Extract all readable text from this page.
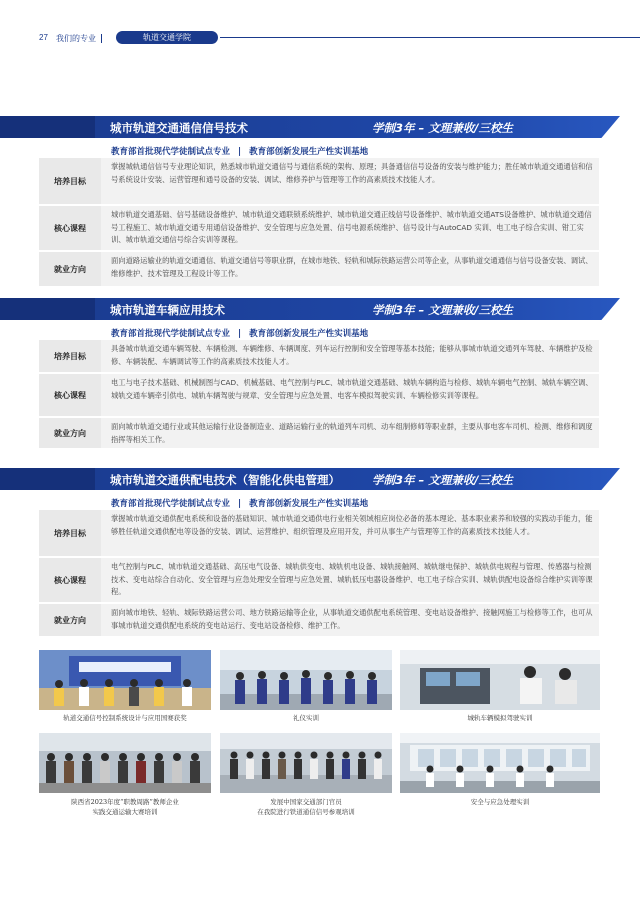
27 我们的专业	轨道交通学院
城市轨道交通通信信号技术	学制3年 – 文理兼收/三校生
教育部首批现代学徒制试点专业 | 教育部创新发展生产性实训基地
培养目标
掌握城轨通信信号专业理论知识，熟悉城市轨道交通信号与通信系统的架构、原理；具备通信信号设备的安装与维护能力；胜任城市轨道交通通信和信号系统设计安装、运营管理和通号设备的安装、调试、维修养护与管理等工作的高素质技术技能人才。
核心课程
城市轨道交通基础、信号基础设备维护、城市轨道交通联锁系统维护、城市轨道交通正线信号设备维护、城市轨道交通ATS设备维护、城市轨道交通信号工程施工、城市轨道交通专用通信设备维护、安全管理与应急处置、信号电源系统维护、信号设计与AutoCAD 实训、电工电子综合实训、钳工实训、城市轨道交通信号综合实训等课程。
就业方向
面向道路运输业的轨道交通通信、轨道交通信号等职业群，在城市地铁、轻轨和城际铁路运营公司等企业，从事轨道交通通信与信号设备安装、调试、维修维护、技术管理及工程设计等工作。
城市轨道车辆应用技术	学制3年 – 文理兼收/三校生
教育部首批现代学徒制试点专业 | 教育部创新发展生产性实训基地
培养目标
具备城市轨道交通车辆驾驶、车辆检测、车辆维修、车辆调度、列车运行控制和安全管理等基本技能；能够从事城市轨道交通列车驾驶、车辆维护及检修、车辆装配、车辆调试等工作的高素质技术技能人才。
核心课程
电工与电子技术基础、机械制图与CAD、机械基础、电气控制与PLC、城市轨道交通基础、城轨车辆构造与检修、城轨车辆电气控制、城轨车辆空调、城轨交通车辆牵引供电、城轨车辆驾驶与规章、安全管理与应急处置、电客车模拟驾驶实训、车辆检修实训等课程。
就业方向
面向城市轨道交通行业或其他运输行业设备制造业、道路运输行业的轨道列车司机、动车组制修师等职业群，主要从事电客车司机、检测、维修和调度指挥等相关工作。
城市轨道交通供配电技术（智能化供电管理）	学制3年 – 文理兼收/三校生
教育部首批现代学徒制试点专业 | 教育部创新发展生产性实训基地
培养目标
掌握城市轨道交通供配电系统和设备的基础知识、城市轨道交通供电行业相关领域相应岗位必备的基本理论、基本职业素养和较强的实践动手能力，能够胜任轨道交通供配电等设备的安装、调试、运营维护、组织管理及应用开发，并可从事生产与管理等工作的高素质技术技能人才。
核心课程
电气控制与PLC、城市轨道交通基础、高压电气设备、城轨供变电、城轨机电设备、城轨接触网、城轨继电保护、城轨供电规程与管理、传感器与检测技术、变电站综合自动化、安全管理与应急处理安全管理与应急处置、城轨低压电器设备维护、电工电子综合实训、城轨供配电设备综合维护实训等课程。
就业方向
面向城市地铁、轻轨、城际铁路运营公司、地方铁路运输等企业，从事轨道交通供配电系统管理、变电站设备维护、接触网施工与检修等工作，也可从事城市轨道交通供配电系统的变电站运行、变电站设备检修、维护工作。
轨道交通信号控制系统设计与应用国赛获奖	礼仪实训	城轨车辆模拟驾驶实训
陕西省2023年度“职教周路”教师企业
实践交通运输大赛培训
发展中国家交通部门官员
在我院进行铁道通信信号参观培训
安全与应急处理实训
